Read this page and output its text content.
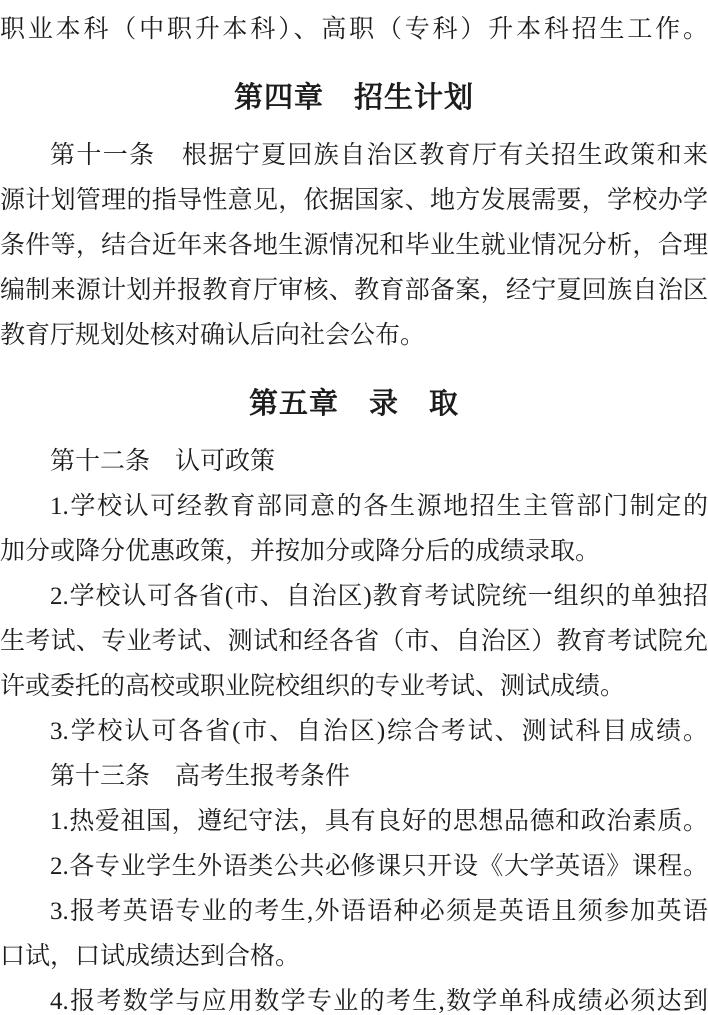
职业本科（中职升本科）、高职（专科）升本科招生工作。
第四章　招生计划
第十一条　根据宁夏回族自治区教育厅有关招生政策和来
源计划管理的指导性意见，依据国家、地方发展需要，学校办学
条件等，结合近年来各地生源情况和毕业生就业情况分析，合理
编制来源计划并报教育厅审核、教育部备案，经宁夏回族自治区
教育厅规划处核对确认后向社会公布。
第五章　录　取
第十二条　认可政策
1.学校认可经教育部同意的各生源地招生主管部门制定的
加分或降分优惠政策，并按加分或降分后的成绩录取。
2.学校认可各省(市、自治区)教育考试院统一组织的单独招
生考试、专业考试、测试和经各省（市、自治区）教育考试院允
许或委托的高校或职业院校组织的专业考试、测试成绩。
3.学校认可各省(市、自治区)综合考试、测试科目成绩。
第十三条　高考生报考条件
1.热爱祖国，遵纪守法，具有良好的思想品德和政治素质。
2.各专业学生外语类公共必修课只开设《大学英语》课程。
3.报考英语专业的考生,外语语种必须是英语且须参加英语
口试，口试成绩达到合格。
4.报考数学与应用数学专业的考生,数学单科成绩必须达到
